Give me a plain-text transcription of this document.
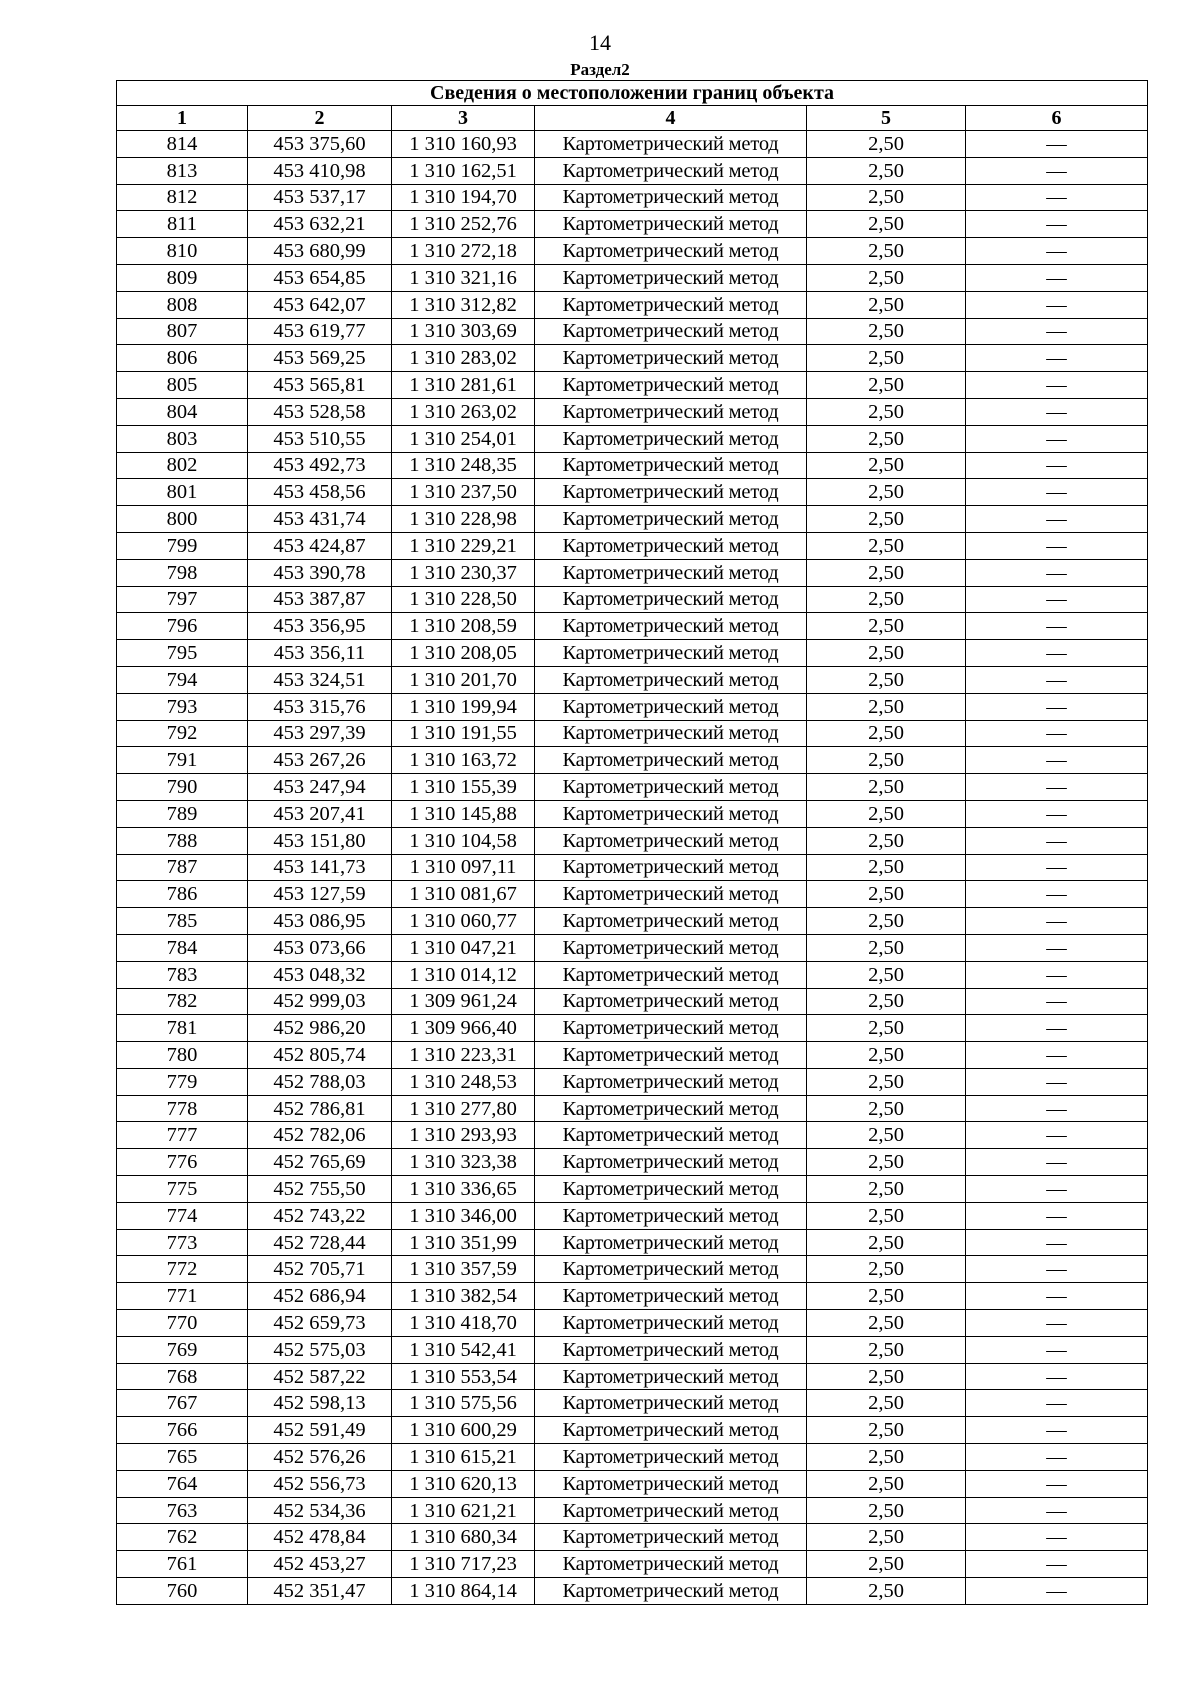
14
Раздел2
Сведения о местоположении границ объекта					
1	2	3	4	5	6
814	453 375,60	1 310 160,93	Картометрический метод	2,50	—
813	453 410,98	1 310 162,51	Картометрический метод	2,50	—
812	453 537,17	1 310 194,70	Картометрический метод	2,50	—
811	453 632,21	1 310 252,76	Картометрический метод	2,50	—
810	453 680,99	1 310 272,18	Картометрический метод	2,50	—
809	453 654,85	1 310 321,16	Картометрический метод	2,50	—
808	453 642,07	1 310 312,82	Картометрический метод	2,50	—
807	453 619,77	1 310 303,69	Картометрический метод	2,50	—
806	453 569,25	1 310 283,02	Картометрический метод	2,50	—
805	453 565,81	1 310 281,61	Картометрический метод	2,50	—
804	453 528,58	1 310 263,02	Картометрический метод	2,50	—
803	453 510,55	1 310 254,01	Картометрический метод	2,50	—
802	453 492,73	1 310 248,35	Картометрический метод	2,50	—
801	453 458,56	1 310 237,50	Картометрический метод	2,50	—
800	453 431,74	1 310 228,98	Картометрический метод	2,50	—
799	453 424,87	1 310 229,21	Картометрический метод	2,50	—
798	453 390,78	1 310 230,37	Картометрический метод	2,50	—
797	453 387,87	1 310 228,50	Картометрический метод	2,50	—
796	453 356,95	1 310 208,59	Картометрический метод	2,50	—
795	453 356,11	1 310 208,05	Картометрический метод	2,50	—
794	453 324,51	1 310 201,70	Картометрический метод	2,50	—
793	453 315,76	1 310 199,94	Картометрический метод	2,50	—
792	453 297,39	1 310 191,55	Картометрический метод	2,50	—
791	453 267,26	1 310 163,72	Картометрический метод	2,50	—
790	453 247,94	1 310 155,39	Картометрический метод	2,50	—
789	453 207,41	1 310 145,88	Картометрический метод	2,50	—
788	453 151,80	1 310 104,58	Картометрический метод	2,50	—
787	453 141,73	1 310 097,11	Картометрический метод	2,50	—
786	453 127,59	1 310 081,67	Картометрический метод	2,50	—
785	453 086,95	1 310 060,77	Картометрический метод	2,50	—
784	453 073,66	1 310 047,21	Картометрический метод	2,50	—
783	453 048,32	1 310 014,12	Картометрический метод	2,50	—
782	452 999,03	1 309 961,24	Картометрический метод	2,50	—
781	452 986,20	1 309 966,40	Картометрический метод	2,50	—
780	452 805,74	1 310 223,31	Картометрический метод	2,50	—
779	452 788,03	1 310 248,53	Картометрический метод	2,50	—
778	452 786,81	1 310 277,80	Картометрический метод	2,50	—
777	452 782,06	1 310 293,93	Картометрический метод	2,50	—
776	452 765,69	1 310 323,38	Картометрический метод	2,50	—
775	452 755,50	1 310 336,65	Картометрический метод	2,50	—
774	452 743,22	1 310 346,00	Картометрический метод	2,50	—
773	452 728,44	1 310 351,99	Картометрический метод	2,50	—
772	452 705,71	1 310 357,59	Картометрический метод	2,50	—
771	452 686,94	1 310 382,54	Картометрический метод	2,50	—
770	452 659,73	1 310 418,70	Картометрический метод	2,50	—
769	452 575,03	1 310 542,41	Картометрический метод	2,50	—
768	452 587,22	1 310 553,54	Картометрический метод	2,50	—
767	452 598,13	1 310 575,56	Картометрический метод	2,50	—
766	452 591,49	1 310 600,29	Картометрический метод	2,50	—
765	452 576,26	1 310 615,21	Картометрический метод	2,50	—
764	452 556,73	1 310 620,13	Картометрический метод	2,50	—
763	452 534,36	1 310 621,21	Картометрический метод	2,50	—
762	452 478,84	1 310 680,34	Картометрический метод	2,50	—
761	452 453,27	1 310 717,23	Картометрический метод	2,50	—
760	452 351,47	1 310 864,14	Картометрический метод	2,50	—
